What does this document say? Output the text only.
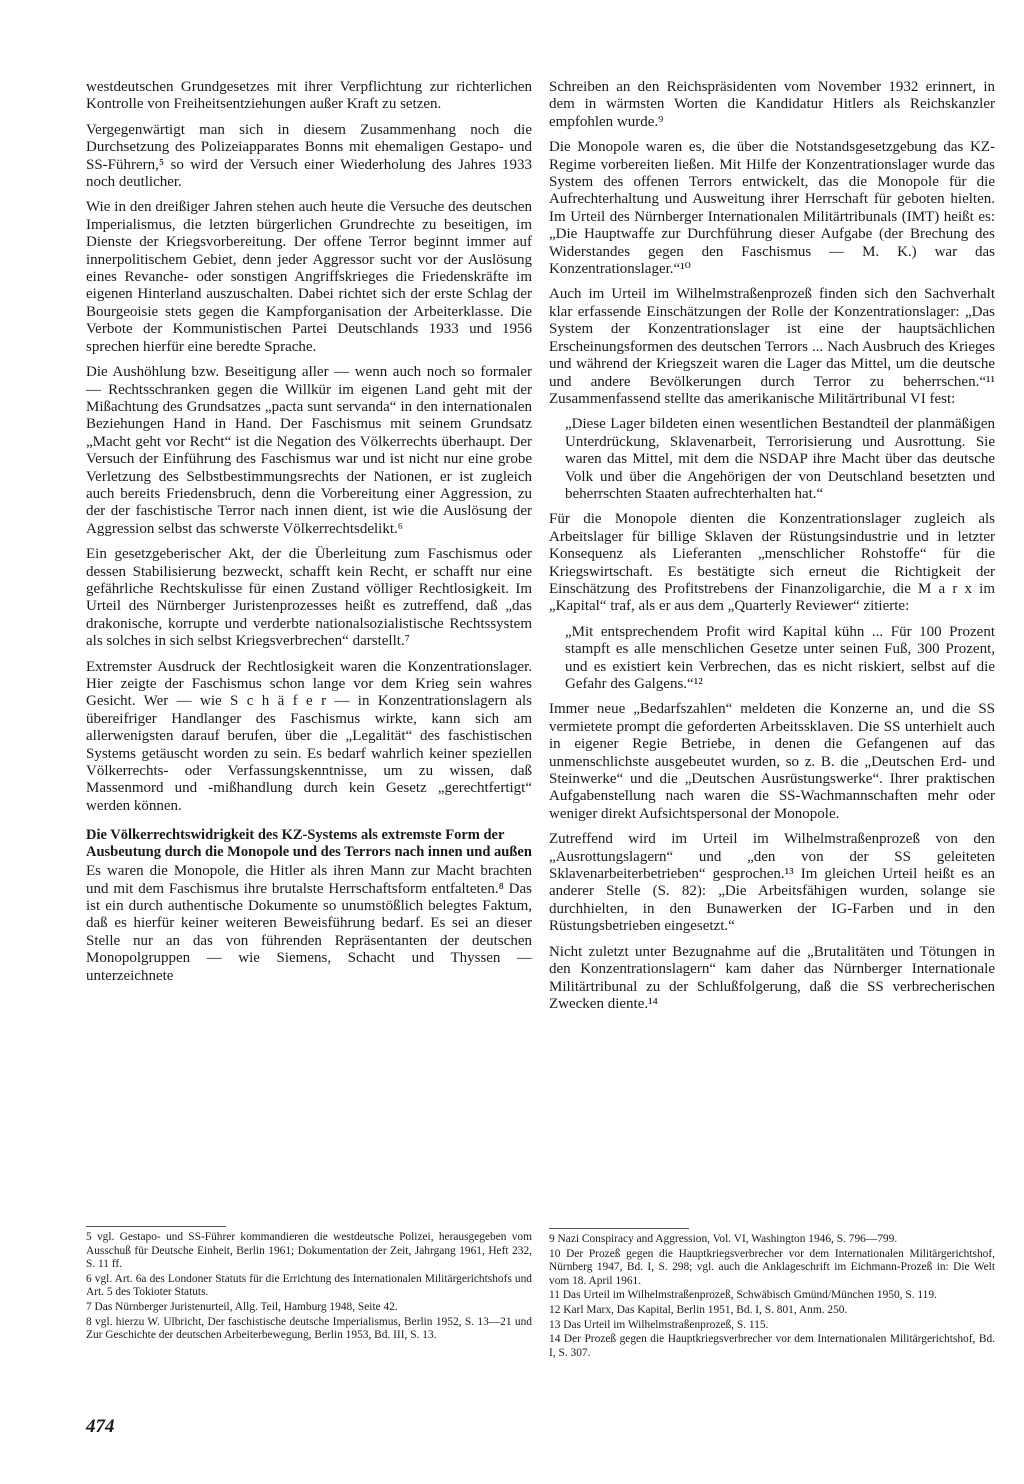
westdeutschen Grundgesetzes mit ihrer Verpflichtung zur richterlichen Kontrolle von Freiheitsentziehungen außer Kraft zu setzen.

Vergegenwärtigt man sich in diesem Zusammenhang noch die Durchsetzung des Polizeiapparates Bonns mit ehemaligen Gestapo- und SS-Führern,⁵ so wird der Versuch einer Wiederholung des Jahres 1933 noch deutlicher.

Wie in den dreißiger Jahren stehen auch heute die Versuche des deutschen Imperialismus, die letzten bürgerlichen Grundrechte zu beseitigen, im Dienste der Kriegsvorbereitung. Der offene Terror beginnt immer auf innerpolitischem Gebiet, denn jeder Aggressor sucht vor der Auslösung eines Revanche- oder sonstigen Angriffskrieges die Friedenskräfte im eigenen Hinterland auszuschalten. Dabei richtet sich der erste Schlag der Bourgeoisie stets gegen die Kampforganisation der Arbeiterklasse. Die Verbote der Kommunistischen Partei Deutschlands 1933 und 1956 sprechen hierfür eine beredte Sprache.

Die Aushöhlung bzw. Beseitigung aller — wenn auch noch so formaler — Rechtsschranken gegen die Willkür im eigenen Land geht mit der Mißachtung des Grundsatzes „pacta sunt servanda“ in den internationalen Beziehungen Hand in Hand. Der Faschismus mit seinem Grundsatz „Macht geht vor Recht“ ist die Negation des Völkerrechts überhaupt. Der Versuch der Einführung des Faschismus war und ist nicht nur eine grobe Verletzung des Selbstbestimmungsrechts der Nationen, er ist zugleich auch bereits Friedensbruch, denn die Vorbereitung einer Aggression, zu der der faschistische Terror nach innen dient, ist wie die Auslösung der Aggression selbst das schwerste Völkerrechtsdelikt.⁶

Ein gesetzgeberischer Akt, der die Überleitung zum Faschismus oder dessen Stabilisierung bezweckt, schafft kein Recht, er schafft nur eine gefährliche Rechtskulisse für einen Zustand völliger Rechtlosigkeit. Im Urteil des Nürnberger Juristenprozesses heißt es zutreffend, daß „das drakonische, korrupte und verderbte nationalsozialistische Rechtssystem als solches in sich selbst Kriegsverbrechen“ darstellt.⁷

Extremster Ausdruck der Rechtlosigkeit waren die Konzentrationslager. Hier zeigte der Faschismus schon lange vor dem Krieg sein wahres Gesicht. Wer — wie S c h ä f e r — in Konzentrationslagern als übereifriger Handlanger des Faschismus wirkte, kann sich am allerwenigsten darauf berufen, über die „Legalität“ des faschistischen Systems getäuscht worden zu sein. Es bedarf wahrlich keiner speziellen Völkerrechts- oder Verfassungskenntnisse, um zu wissen, daß Massenmord und -mißhandlung durch kein Gesetz „gerechtfertigt“ werden können.

Die Völkerrechtswidrigkeit des KZ-Systems als extremste Form der Ausbeutung durch die Monopole und des Terrors nach innen und außen

Es waren die Monopole, die Hitler als ihren Mann zur Macht brachten und mit dem Faschismus ihre brutalste Herrschaftsform entfalteten.⁸ Das ist ein durch authentische Dokumente so unumstößlich belegtes Faktum, daß es hierfür keiner weiteren Beweisführung bedarf. Es sei an dieser Stelle nur an das von führenden Repräsentanten der deutschen Monopolgruppen — wie Siemens, Schacht und Thyssen — unterzeichnete

Schreiben an den Reichspräsidenten vom November 1932 erinnert, in dem in wärmsten Worten die Kandidatur Hitlers als Reichskanzler empfohlen wurde.⁹

Die Monopole waren es, die über die Notstandsgesetzgebung das KZ-Regime vorbereiten ließen. Mit Hilfe der Konzentrationslager wurde das System des offenen Terrors entwickelt, das die Monopole für die Aufrechterhaltung und Ausweitung ihrer Herrschaft für geboten hielten. Im Urteil des Nürnberger Internationalen Militärtribunals (IMT) heißt es: „Die Hauptwaffe zur Durchführung dieser Aufgabe (der Brechung des Widerstandes gegen den Faschismus — M. K.) war das Konzentrationslager.“¹⁰

Auch im Urteil im Wilhelmstraßenprozeß finden sich den Sachverhalt klar erfassende Einschätzungen der Rolle der Konzentrationslager: „Das System der Konzentrationslager ist eine der hauptsächlichen Erscheinungsformen des deutschen Terrors ... Nach Ausbruch des Krieges und während der Kriegszeit waren die Lager das Mittel, um die deutsche und andere Bevölkerungen durch Terror zu beherrschen.“¹¹ Zusammenfassend stellte das amerikanische Militärtribunal VI fest:

„Diese Lager bildeten einen wesentlichen Bestandteil der planmäßigen Unterdrückung, Sklavenarbeit, Terrorisierung und Ausrottung. Sie waren das Mittel, mit dem die NSDAP ihre Macht über das deutsche Volk und über die Angehörigen der von Deutschland besetzten und beherrschten Staaten aufrechterhalten hat.“

Für die Monopole dienten die Konzentrationslager zugleich als Arbeitslager für billige Sklaven der Rüstungsindustrie und in letzter Konsequenz als Lieferanten „menschlicher Rohstoffe“ für die Kriegswirtschaft. Es bestätigte sich erneut die Richtigkeit der Einschätzung des Profitstrebens der Finanzoligarchie, die M a r x im „Kapital“ traf, als er aus dem „Quarterly Reviewer“ zitierte:

„Mit entsprechendem Profit wird Kapital kühn ... Für 100 Prozent stampft es alle menschlichen Gesetze unter seinen Fuß, 300 Prozent, und es existiert kein Verbrechen, das es nicht riskiert, selbst auf die Gefahr des Galgens.“¹²

Immer neue „Bedarfszahlen“ meldeten die Konzerne an, und die SS vermietete prompt die geforderten Arbeitssklaven. Die SS unterhielt auch in eigener Regie Betriebe, in denen die Gefangenen auf das unmenschlichste ausgebeutet wurden, so z. B. die „Deutschen Erd- und Steinwerke“ und die „Deutschen Ausrüstungswerke“. Ihrer praktischen Aufgabenstellung nach waren die SS-Wachmannschaften mehr oder weniger direkt Aufsichtspersonal der Monopole.

Zutreffend wird im Urteil im Wilhelmstraßenprozeß von den „Ausrottungslagern“ und „den von der SS geleiteten Sklavenarbeiterbetrieben“ gesprochen.¹³ Im gleichen Urteil heißt es an anderer Stelle (S. 82): „Die Arbeitsfähigen wurden, solange sie durchhielten, in den Bunawerken der IG-Farben und in den Rüstungsbetrieben eingesetzt.“

Nicht zuletzt unter Bezugnahme auf die „Brutalitäten und Tötungen in den Konzentrationslagern“ kam daher das Nürnberger Internationale Militärtribunal zu der Schlußfolgerung, daß die SS verbrecherischen Zwecken diente.¹⁴

5 vgl. Gestapo- und SS-Führer kommandieren die westdeutsche Polizei, herausgegeben vom Ausschuß für Deutsche Einheit, Berlin 1961; Dokumentation der Zeit, Jahrgang 1961, Heft 232, S. 11 ff.

6 vgl. Art. 6a des Londoner Statuts für die Errichtung des Internationalen Militärgerichtshofs und Art. 5 des Tokioter Statuts.

7 Das Nürnberger Juristenurteil, Allg. Teil, Hamburg 1948, Seite 42.

8 vgl. hierzu W. Ulbricht, Der faschistische deutsche Imperialismus, Berlin 1952, S. 13—21 und Zur Geschichte der deutschen Arbeiterbewegung, Berlin 1953, Bd. III, S. 13.

9 Nazi Conspiracy and Aggression, Vol. VI, Washington 1946, S. 796—799.

10 Der Prozeß gegen die Hauptkriegsverbrecher vor dem Internationalen Militärgerichtshof, Nürnberg 1947, Bd. I, S. 298; vgl. auch die Anklageschrift im Eichmann-Prozeß in: Die Welt vom 18. April 1961.

11 Das Urteil im Wilhelmstraßenprozeß, Schwäbisch Gmünd/München 1950, S. 119.

12 Karl Marx, Das Kapital, Berlin 1951, Bd. I, S. 801, Anm. 250.

13 Das Urteil im Wilhelmstraßenprozeß, S. 115.

14 Der Prozeß gegen die Hauptkriegsverbrecher vor dem Internationalen Militärgerichtshof, Bd. I, S. 307.

474
